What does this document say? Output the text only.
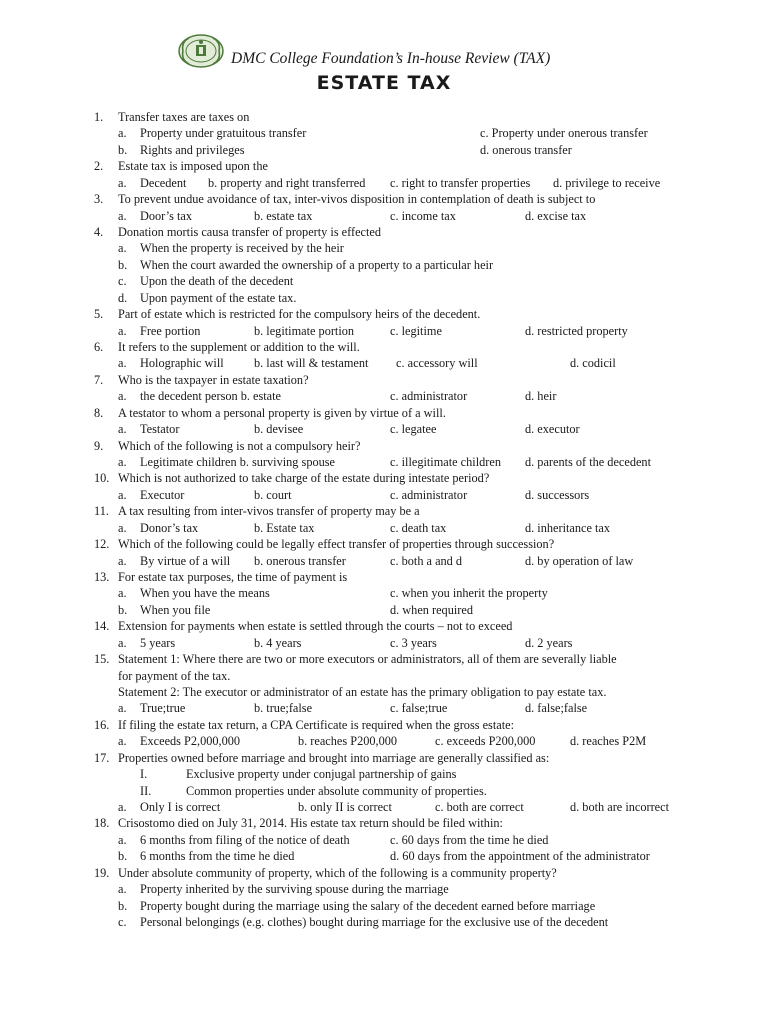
DMC College Foundation’s In-house Review (TAX)
ESTATE TAX
1. Transfer taxes are taxes on
a. Property under gratuitous transfer	c. Property under onerous transfer
b. Rights and privileges	d. onerous transfer
2. Estate tax is imposed upon the
a. Decedent b. property and right transferred c. right to transfer properties d. privilege to receive
3. To prevent undue avoidance of tax, inter-vivos disposition in contemplation of death is subject to
a. Door’s tax	b. estate tax	c. income tax	d. excise tax
4. Donation mortis causa transfer of property is effected
a. When the property is received by the heir
b. When the court awarded the ownership of a property to a particular heir
c. Upon the death of the decedent
d. Upon payment of the estate tax.
5. Part of estate which is restricted for the compulsory heirs of the decedent.
a. Free portion	b. legitimate portion	c. legitime	d. restricted property
6. It refers to the supplement or addition to the will.
a. Holographic will b. last will & testament c. accessory will	d. codicil
7. Who is the taxpayer in estate taxation?
a. the decedent person b. estate	c. administrator	d. heir
8. A testator to whom a personal property is given by virtue of a will.
a. Testator	b. devisee	c. legatee	d. executor
9. Which of the following is not a compulsory heir?
a. Legitimate children b. surviving spouse	c. illegitimate children d. parents of the decedent
10. Which is not authorized to take charge of the estate during intestate period?
a. Executor	b. court	c. administrator	d. successors
11. A tax resulting from inter-vivos transfer of property may be a
a. Donor’s tax	b. Estate tax	c. death tax	d. inheritance tax
12. Which of the following could be legally effect transfer of properties through succession?
a. By virtue of a will b. onerous transfer	c. both a and d	d. by operation of law
13. For estate tax purposes, the time of payment is
a. When you have the means	c. when you inherit the property
b. When you file	d. when required
14. Extension for payments when estate is settled through the courts – not to exceed
a. 5 years	b. 4 years	c. 3 years	d. 2 years
15. Statement 1: Where there are two or more executors or administrators, all of them are severally liable
for payment of the tax.
Statement 2: The executor or administrator of an estate has the primary obligation to pay estate tax.
a. True;true	b. true;false	c. false;true	d. false;false
16. If filing the estate tax return, a CPA Certificate is required when the gross estate:
a. Exceeds P2,000,000	b. reaches P200,000	c. exceeds P200,000	d. reaches P2M
17. Properties owned before marriage and brought into marriage are generally classified as:
I.	Exclusive property under conjugal partnership of gains
II.	Common properties under absolute community of properties.
a. Only I is correct	b. only II is correct	c. both are correct	d. both are incorrect
18. Crisostomo died on July 31, 2014. His estate tax return should be filed within:
a. 6 months from filing of the notice of death	c. 60 days from the time he died
b. 6 months from the time he died	d. 60 days from the appointment of the administrator
19. Under absolute community of property, which of the following is a community property?
a. Property inherited by the surviving spouse during the marriage
b. Property bought during the marriage using the salary of the decedent earned before marriage
c. Personal belongings (e.g. clothes) bought during marriage for the exclusive use of the decedent
